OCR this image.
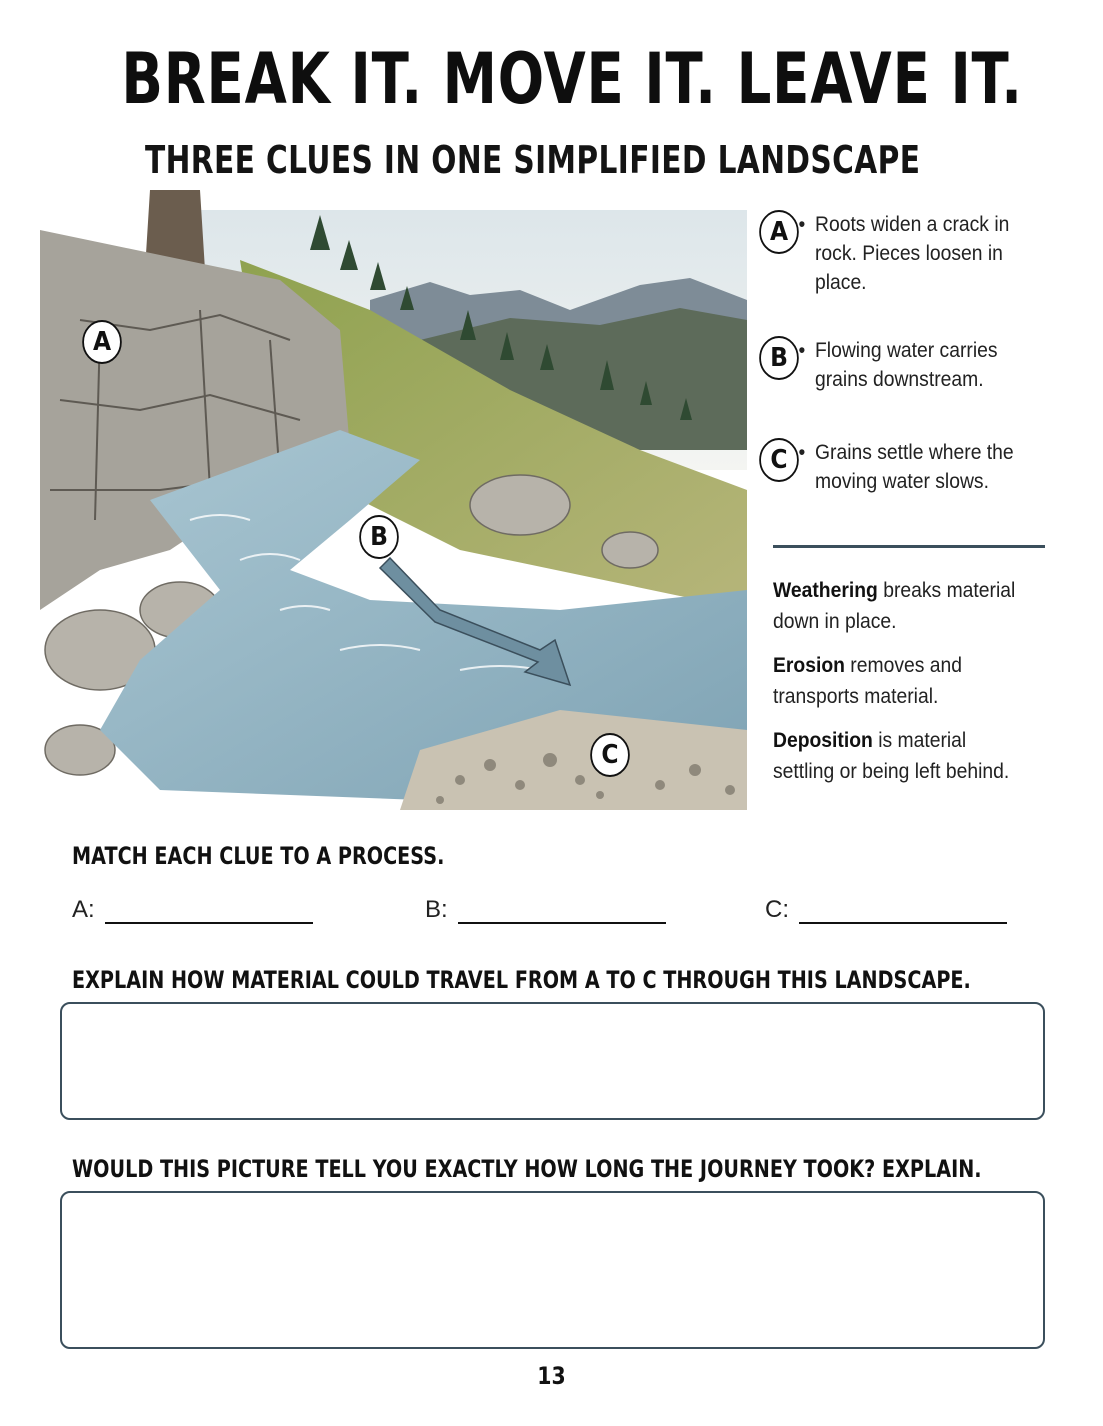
BREAK IT. MOVE IT. LEAVE IT.
THREE CLUES IN ONE SIMPLIFIED LANDSCAPE
A
B
C
A • Roots widen a crack in rock. Pieces loosen in place.
B • Flowing water carries grains downstream.
C • Grains settle where the moving water slows.
Weathering breaks material down in place.
Erosion removes and transports material.
Deposition is material settling or being left behind.
MATCH EACH CLUE TO A PROCESS.
A:	B:	C:
EXPLAIN HOW MATERIAL COULD TRAVEL FROM A TO C THROUGH THIS LANDSCAPE.
WOULD THIS PICTURE TELL YOU EXACTLY HOW LONG THE JOURNEY TOOK? EXPLAIN.
13
